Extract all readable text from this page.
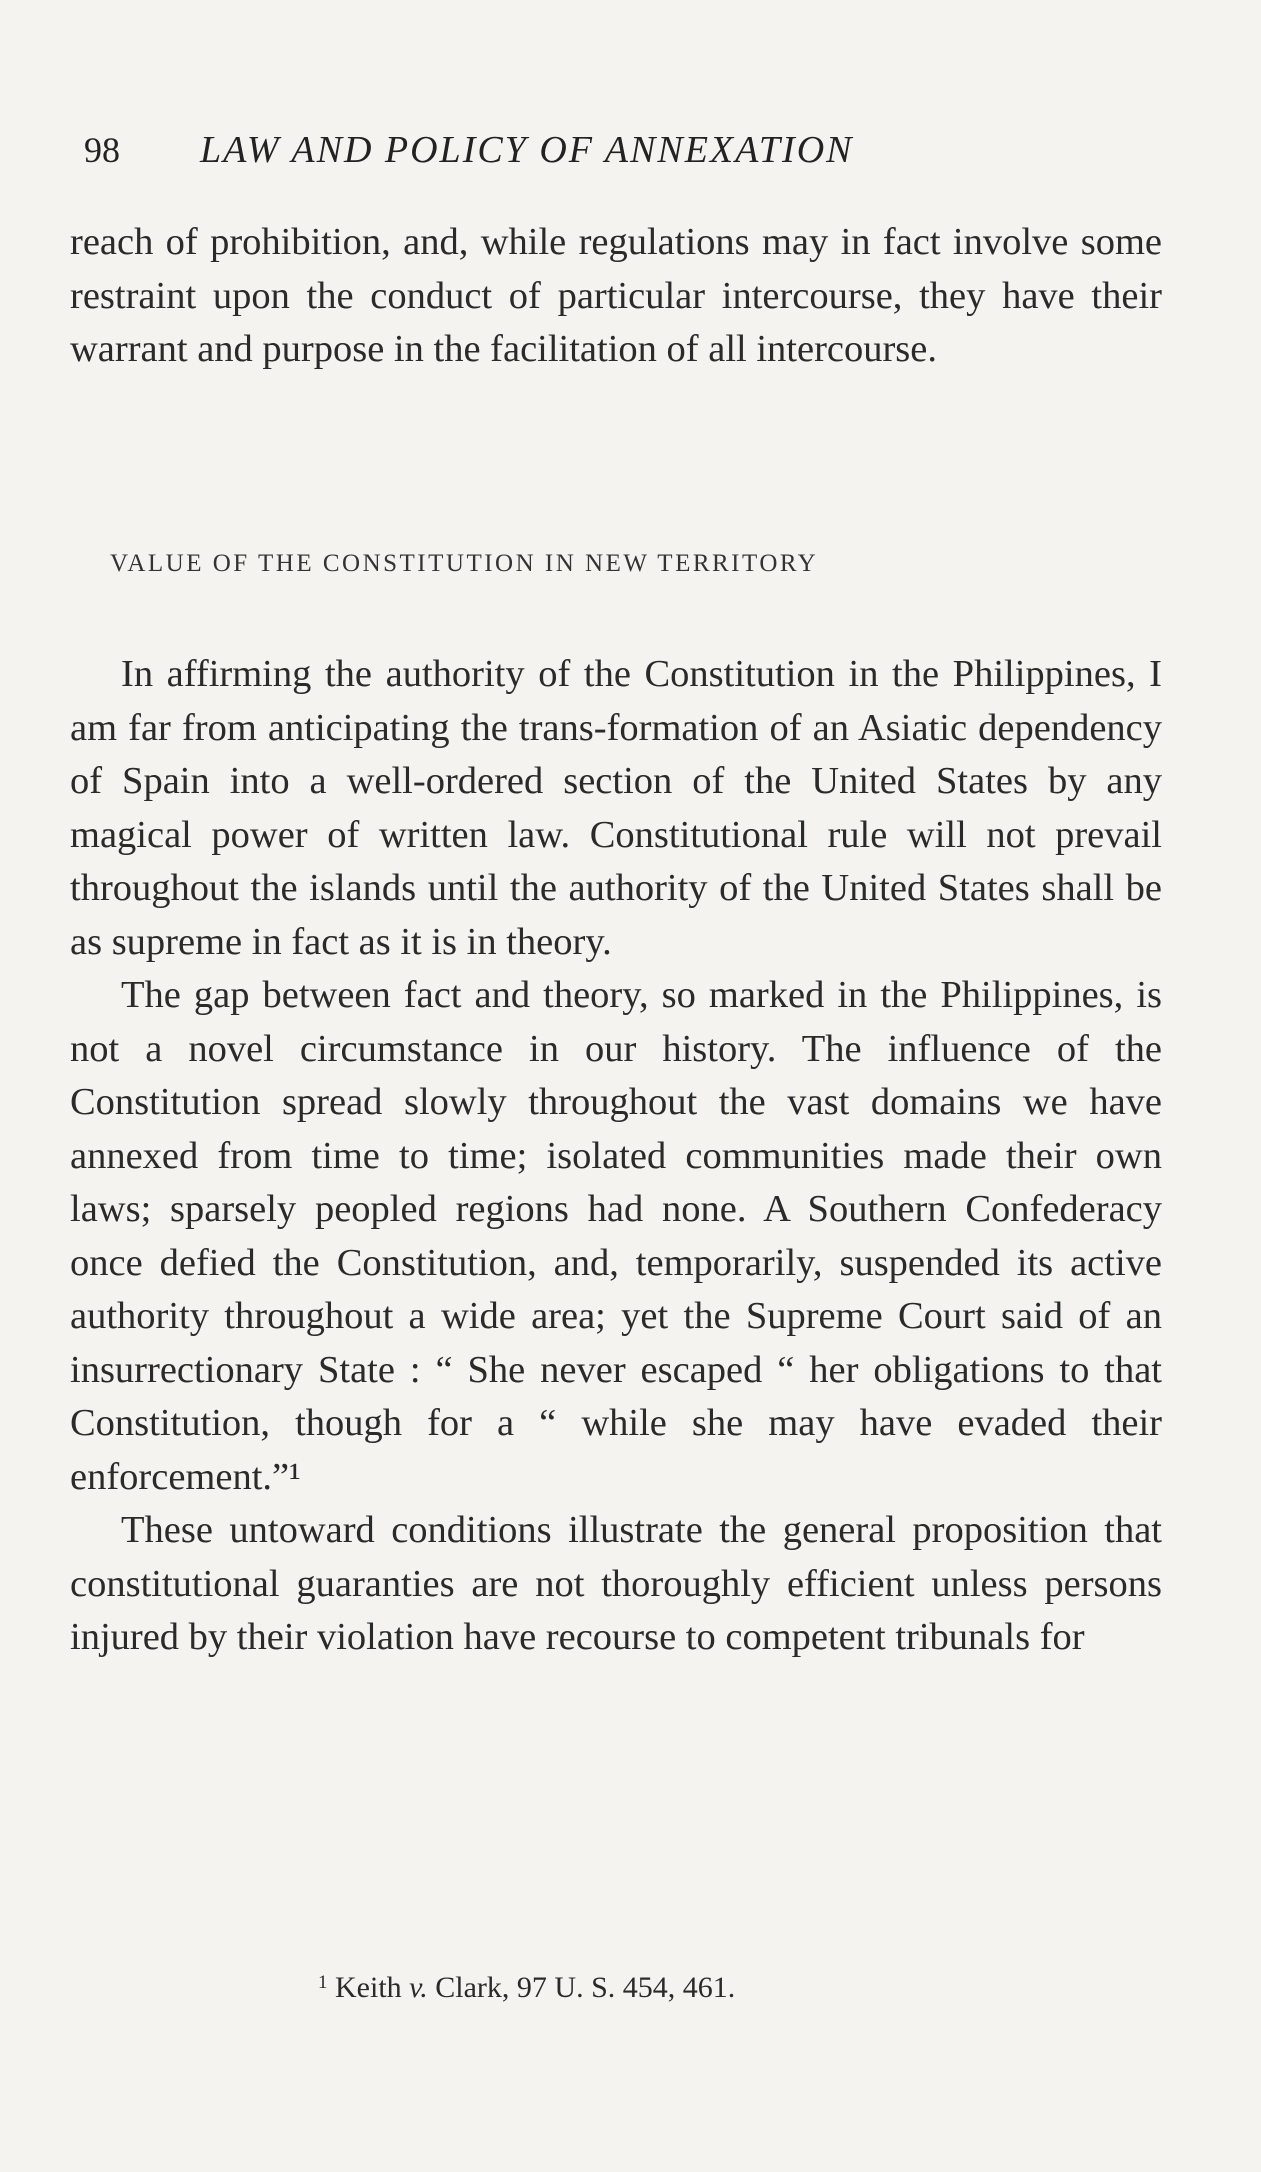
98 LAW AND POLICY OF ANNEXATION

reach of prohibition, and, while regulations may in fact involve some restraint upon the conduct of particular intercourse, they have their warrant and purpose in the facilitation of all intercourse.

VALUE OF THE CONSTITUTION IN NEW TERRITORY

In affirming the authority of the Constitution in the Philippines, I am far from anticipating the trans-formation of an Asiatic dependency of Spain into a well-ordered section of the United States by any magical power of written law. Constitutional rule will not prevail throughout the islands until the authority of the United States shall be as supreme in fact as it is in theory.

The gap between fact and theory, so marked in the Philippines, is not a novel circumstance in our history. The influence of the Constitution spread slowly throughout the vast domains we have annexed from time to time; isolated communities made their own laws; sparsely peopled regions had none. A Southern Confederacy once defied the Constitution, and, temporarily, suspended its active authority throughout a wide area; yet the Supreme Court said of an insurrectionary State : “ She never escaped “ her obligations to that Constitution, though for a “ while she may have evaded their enforcement.”¹

These untoward conditions illustrate the general proposition that constitutional guaranties are not thoroughly efficient unless persons injured by their violation have recourse to competent tribunals for

$^1$ Keith v. Clark, 97 U. S. 454, 461.
